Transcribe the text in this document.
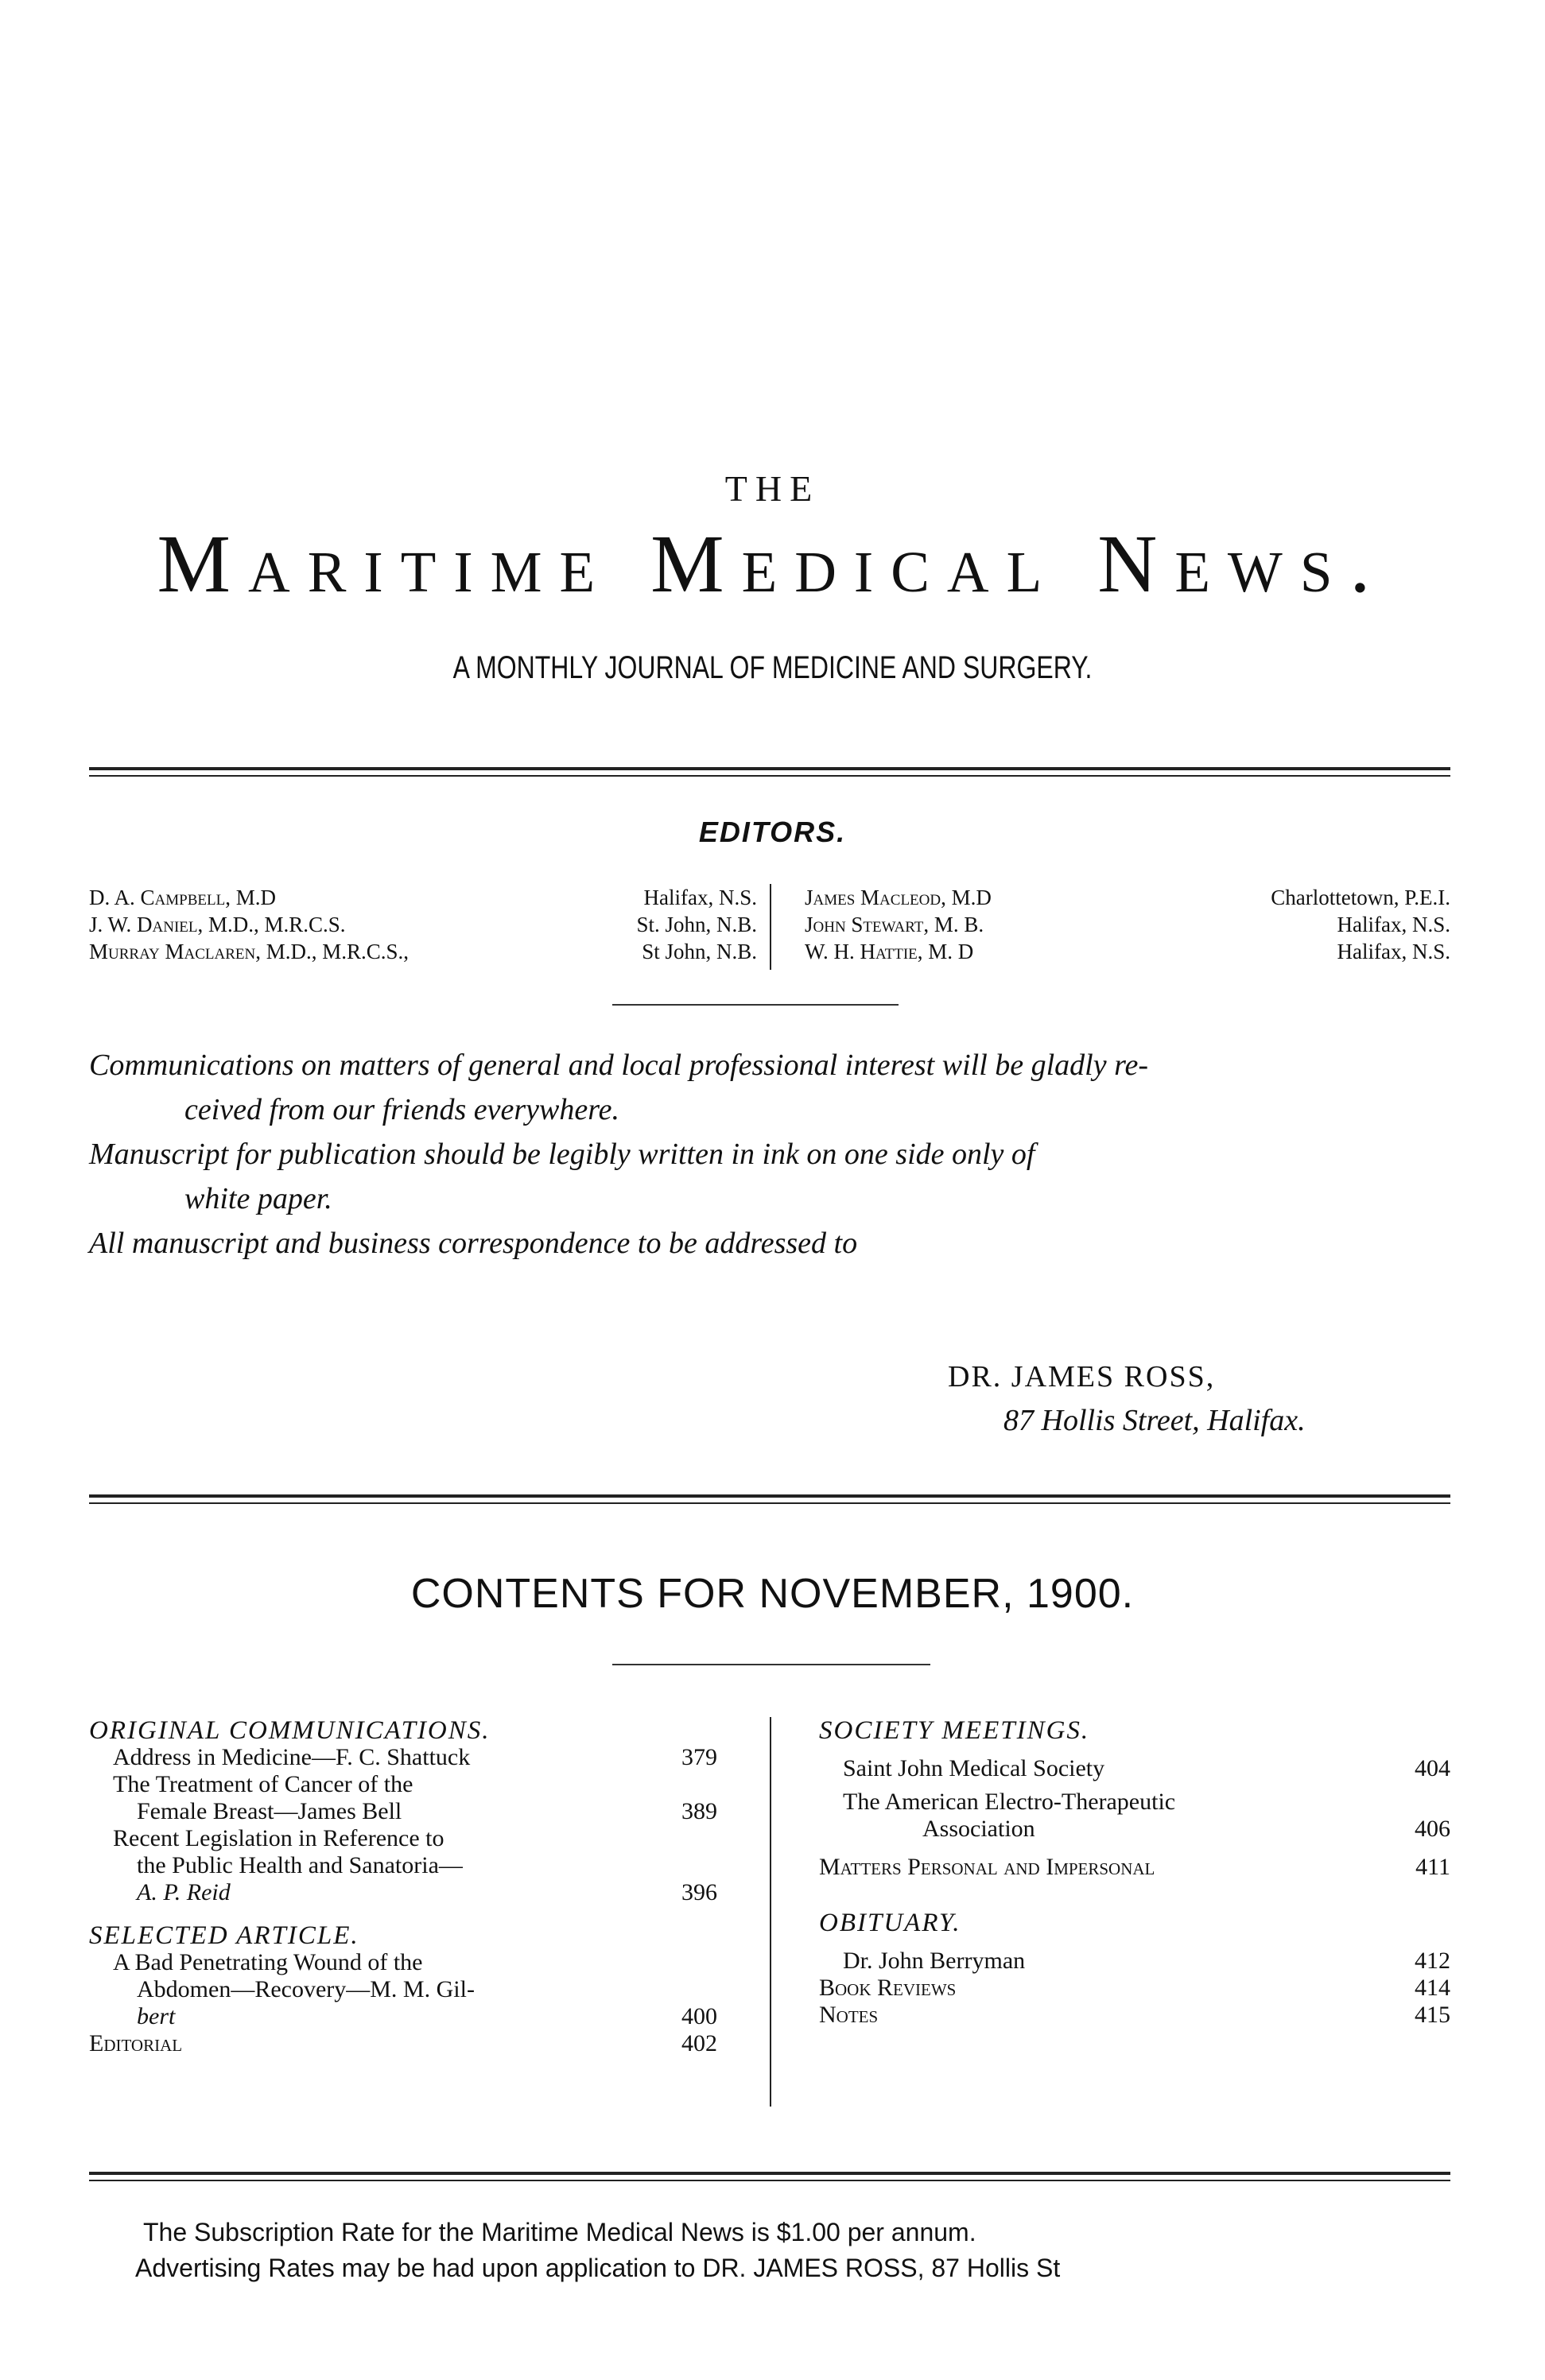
THE
Maritime Medical News.
A MONTHLY JOURNAL OF MEDICINE AND SURGERY.
EDITORS.
D. A. Campbell, M.D	Halifax, N.S.
J. W. Daniel, M.D., M.R.C.S.	St. John, N.B.
Murray Maclaren, M.D., M.R.C.S.,	St John, N.B.
James Macleod, M.D	Charlottetown, P.E.I.
John Stewart, M. B.	Halifax, N.S.
W. H. Hattie, M. D	Halifax, N.S.

Communications on matters of general and local professional interest will be gladly re-

ceived from our friends everywhere.

Manuscript for publication should be legibly written in ink on one side only of

white paper.

All manuscript and business correspondence to be addressed to

DR. JAMES ROSS,
87 Hollis Street, Halifax.
CONTENTS FOR NOVEMBER, 1900.
ORIGINAL COMMUNICATIONS.
Address in Medicine—F. C. Shattuck	379
The Treatment of Cancer of the
Female Breast—James Bell	389
Recent Legislation in Reference to
the Public Health and Sanatoria—
A. P. Reid	396
SELECTED ARTICLE.
A Bad Penetrating Wound of the
Abdomen—Recovery—M. M. Gil-
bert	400
Editorial	402
SOCIETY MEETINGS.
Saint John Medical Society	404
The American Electro-Therapeutic
Association	406
Matters Personal and Impersonal	411
OBITUARY.
Dr. John Berryman	412
Book Reviews	414
Notes	415
The Subscription Rate for the Maritime Medical News is $1.00 per annum.
Advertising Rates may be had upon application to DR. JAMES ROSS, 87 Hollis St
